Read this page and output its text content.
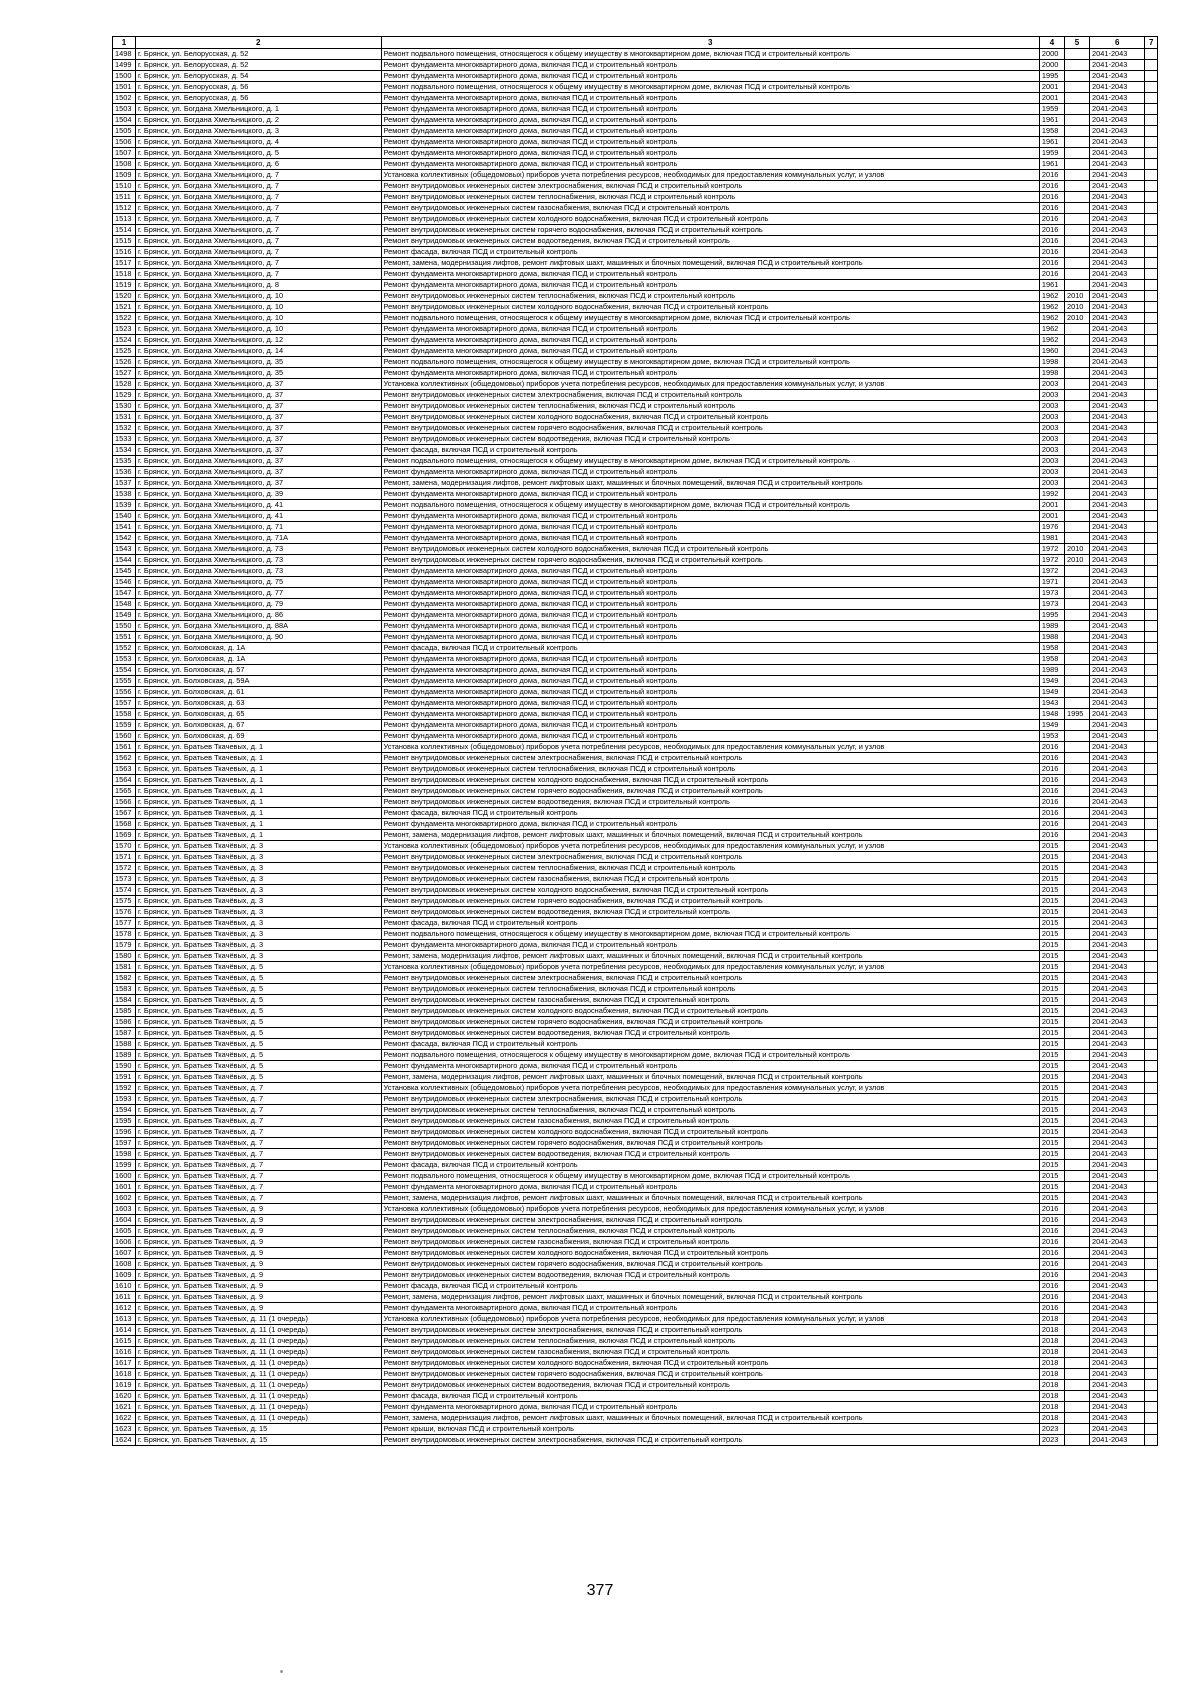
1	2	3	4	5	6	7
1498	г. Брянск, ул. Белорусская, д. 52	Ремонт подвального помещения, относящегося к общему имуществу в многоквартирном доме, включая ПСД и строительный контроль	2000		2041-2043	
1499	г. Брянск, ул. Белорусская, д. 52	Ремонт фундамента многоквартирного дома, включая ПСД и строительный контроль	2000		2041-2043	
1500	г. Брянск, ул. Белорусская, д. 54	Ремонт фундамента многоквартирного дома, включая ПСД и строительный контроль	1995		2041-2043	
1501	г. Брянск, ул. Белорусская, д. 56	Ремонт подвального помещения, относящегося к общему имуществу в многоквартирном доме, включая ПСД и строительный контроль	2001		2041-2043	
1502	г. Брянск, ул. Белорусская, д. 56	Ремонт фундамента многоквартирного дома, включая ПСД и строительный контроль	2001		2041-2043	
1503	г. Брянск, ул. Богдана Хмельницкого, д. 1	Ремонт фундамента многоквартирного дома, включая ПСД и строительный контроль	1959		2041-2043	
1504	г. Брянск, ул. Богдана Хмельницкого, д. 2	Ремонт фундамента многоквартирного дома, включая ПСД и строительный контроль	1961		2041-2043	
1505	г. Брянск, ул. Богдана Хмельницкого, д. 3	Ремонт фундамента многоквартирного дома, включая ПСД и строительный контроль	1958		2041-2043	
1506	г. Брянск, ул. Богдана Хмельницкого, д. 4	Ремонт фундамента многоквартирного дома, включая ПСД и строительный контроль	1961		2041-2043	
1507	г. Брянск, ул. Богдана Хмельницкого, д. 5	Ремонт фундамента многоквартирного дома, включая ПСД и строительный контроль	1959		2041-2043	
1508	г. Брянск, ул. Богдана Хмельницкого, д. 6	Ремонт фундамента многоквартирного дома, включая ПСД и строительный контроль	1961		2041-2043	
1509	г. Брянск, ул. Богдана Хмельницкого, д. 7	Установка коллективных (общедомовых) приборов учета потребления ресурсов, необходимых для предоставления коммунальных услуг, и узлов	2016		2041-2043	
1510	г. Брянск, ул. Богдана Хмельницкого, д. 7	Ремонт внутридомовых инженерных систем электроснабжения, включая ПСД и строительный контроль	2016		2041-2043	
1511	г. Брянск, ул. Богдана Хмельницкого, д. 7	Ремонт внутридомовых инженерных систем теплоснабжения, включая ПСД и строительный контроль	2016		2041-2043	
1512	г. Брянск, ул. Богдана Хмельницкого, д. 7	Ремонт внутридомовых инженерных систем газоснабжения, включая ПСД и строительный контроль	2016		2041-2043	
1513	г. Брянск, ул. Богдана Хмельницкого, д. 7	Ремонт внутридомовых инженерных систем холодного водоснабжения, включая ПСД и строительный контроль	2016		2041-2043	
1514	г. Брянск, ул. Богдана Хмельницкого, д. 7	Ремонт внутридомовых инженерных систем горячего водоснабжения, включая ПСД и строительный контроль	2016		2041-2043	
1515	г. Брянск, ул. Богдана Хмельницкого, д. 7	Ремонт внутридомовых инженерных систем водоотведения, включая ПСД и строительный контроль	2016		2041-2043	
1516	г. Брянск, ул. Богдана Хмельницкого, д. 7	Ремонт фасада, включая ПСД и строительный контроль	2016		2041-2043	
1517	г. Брянск, ул. Богдана Хмельницкого, д. 7	Ремонт, замена, модернизация лифтов, ремонт лифтовых шахт, машинных и блочных помещений, включая ПСД и строительный контроль	2016		2041-2043	
1518	г. Брянск, ул. Богдана Хмельницкого, д. 7	Ремонт фундамента многоквартирного дома, включая ПСД и строительный контроль	2016		2041-2043	
1519	г. Брянск, ул. Богдана Хмельницкого, д. 8	Ремонт фундамента многоквартирного дома, включая ПСД и строительный контроль	1961		2041-2043	
1520	г. Брянск, ул. Богдана Хмельницкого, д. 10	Ремонт внутридомовых инженерных систем теплоснабжения, включая ПСД и строительный контроль	1962	2010	2041-2043	
1521	г. Брянск, ул. Богдана Хмельницкого, д. 10	Ремонт внутридомовых инженерных систем холодного водоснабжения, включая ПСД и строительный контроль	1962	2010	2041-2043	
1522	г. Брянск, ул. Богдана Хмельницкого, д. 10	Ремонт подвального помещения, относящегося к общему имуществу в многоквартирном доме, включая ПСД и строительный контроль	1962	2010	2041-2043	
1523	г. Брянск, ул. Богдана Хмельницкого, д. 10	Ремонт фундамента многоквартирного дома, включая ПСД и строительный контроль	1962		2041-2043	
1524	г. Брянск, ул. Богдана Хмельницкого, д. 12	Ремонт фундамента многоквартирного дома, включая ПСД и строительный контроль	1962		2041-2043	
1525	г. Брянск, ул. Богдана Хмельницкого, д. 14	Ремонт фундамента многоквартирного дома, включая ПСД и строительный контроль	1960		2041-2043	
1526	г. Брянск, ул. Богдана Хмельницкого, д. 35	Ремонт подвального помещения, относящегося к общему имуществу в многоквартирном доме, включая ПСД и строительный контроль	1998		2041-2043	
1527	г. Брянск, ул. Богдана Хмельницкого, д. 35	Ремонт фундамента многоквартирного дома, включая ПСД и строительный контроль	1998		2041-2043	
1528	г. Брянск, ул. Богдана Хмельницкого, д. 37	Установка коллективных (общедомовых) приборов учета потребления ресурсов, необходимых для предоставления коммунальных услуг, и узлов	2003		2041-2043	
1529	г. Брянск, ул. Богдана Хмельницкого, д. 37	Ремонт внутридомовых инженерных систем электроснабжения, включая ПСД и строительный контроль	2003		2041-2043	
1530	г. Брянск, ул. Богдана Хмельницкого, д. 37	Ремонт внутридомовых инженерных систем теплоснабжения, включая ПСД и строительный контроль	2003		2041-2043	
1531	г. Брянск, ул. Богдана Хмельницкого, д. 37	Ремонт внутридомовых инженерных систем холодного водоснабжения, включая ПСД и строительный контроль	2003		2041-2043	
1532	г. Брянск, ул. Богдана Хмельницкого, д. 37	Ремонт внутридомовых инженерных систем горячего водоснабжения, включая ПСД и строительный контроль	2003		2041-2043	
1533	г. Брянск, ул. Богдана Хмельницкого, д. 37	Ремонт внутридомовых инженерных систем водоотведения, включая ПСД и строительный контроль	2003		2041-2043	
1534	г. Брянск, ул. Богдана Хмельницкого, д. 37	Ремонт фасада, включая ПСД и строительный контроль	2003		2041-2043	
1535	г. Брянск, ул. Богдана Хмельницкого, д. 37	Ремонт подвального помещения, относящегося к общему имуществу в многоквартирном доме, включая ПСД и строительный контроль	2003		2041-2043	
1536	г. Брянск, ул. Богдана Хмельницкого, д. 37	Ремонт фундамента многоквартирного дома, включая ПСД и строительный контроль	2003		2041-2043	
1537	г. Брянск, ул. Богдана Хмельницкого, д. 37	Ремонт, замена, модернизация лифтов, ремонт лифтовых шахт, машинных и блочных помещений, включая ПСД и строительный контроль	2003		2041-2043	
1538	г. Брянск, ул. Богдана Хмельницкого, д. 39	Ремонт фундамента многоквартирного дома, включая ПСД и строительный контроль	1992		2041-2043	
1539	г. Брянск, ул. Богдана Хмельницкого, д. 41	Ремонт подвального помещения, относящегося к общему имуществу в многоквартирном доме, включая ПСД и строительный контроль	2001		2041-2043	
1540	г. Брянск, ул. Богдана Хмельницкого, д. 41	Ремонт фундамента многоквартирного дома, включая ПСД и строительный контроль	2001		2041-2043	
1541	г. Брянск, ул. Богдана Хмельницкого, д. 71	Ремонт фундамента многоквартирного дома, включая ПСД и строительный контроль	1976		2041-2043	
1542	г. Брянск, ул. Богдана Хмельницкого, д. 71А	Ремонт фундамента многоквартирного дома, включая ПСД и строительный контроль	1981		2041-2043	
1543	г. Брянск, ул. Богдана Хмельницкого, д. 73	Ремонт внутридомовых инженерных систем холодного водоснабжения, включая ПСД и строительный контроль	1972	2010	2041-2043	
1544	г. Брянск, ул. Богдана Хмельницкого, д. 73	Ремонт внутридомовых инженерных систем горячего водоснабжения, включая ПСД и строительный контроль	1972	2010	2041-2043	
1545	г. Брянск, ул. Богдана Хмельницкого, д. 73	Ремонт фундамента многоквартирного дома, включая ПСД и строительный контроль	1972		2041-2043	
1546	г. Брянск, ул. Богдана Хмельницкого, д. 75	Ремонт фундамента многоквартирного дома, включая ПСД и строительный контроль	1971		2041-2043	
1547	г. Брянск, ул. Богдана Хмельницкого, д. 77	Ремонт фундамента многоквартирного дома, включая ПСД и строительный контроль	1973		2041-2043	
1548	г. Брянск, ул. Богдана Хмельницкого, д. 79	Ремонт фундамента многоквартирного дома, включая ПСД и строительный контроль	1973		2041-2043	
1549	г. Брянск, ул. Богдана Хмельницкого, д. 86	Ремонт фундамента многоквартирного дома, включая ПСД и строительный контроль	1995		2041-2043	
1550	г. Брянск, ул. Богдана Хмельницкого, д. 88А	Ремонт фундамента многоквартирного дома, включая ПСД и строительный контроль	1989		2041-2043	
1551	г. Брянск, ул. Богдана Хмельницкого, д. 90	Ремонт фундамента многоквартирного дома, включая ПСД и строительный контроль	1988		2041-2043	
1552	г. Брянск, ул. Болховская, д. 1А	Ремонт фасада, включая ПСД и строительный контроль	1958		2041-2043	
1553	г. Брянск, ул. Болховская, д. 1А	Ремонт фундамента многоквартирного дома, включая ПСД и строительный контроль	1958		2041-2043	
1554	г. Брянск, ул. Болховская, д. 57	Ремонт фундамента многоквартирного дома, включая ПСД и строительный контроль	1989		2041-2043	
1555	г. Брянск, ул. Болховская, д. 59А	Ремонт фундамента многоквартирного дома, включая ПСД и строительный контроль	1949		2041-2043	
1556	г. Брянск, ул. Болховская, д. 61	Ремонт фундамента многоквартирного дома, включая ПСД и строительный контроль	1949		2041-2043	
1557	г. Брянск, ул. Болховская, д. 63	Ремонт фундамента многоквартирного дома, включая ПСД и строительный контроль	1943		2041-2043	
1558	г. Брянск, ул. Болховская, д. 65	Ремонт фундамента многоквартирного дома, включая ПСД и строительный контроль	1948	1995	2041-2043	
1559	г. Брянск, ул. Болховская, д. 67	Ремонт фундамента многоквартирного дома, включая ПСД и строительный контроль	1949		2041-2043	
1560	г. Брянск, ул. Болховская, д. 69	Ремонт фундамента многоквартирного дома, включая ПСД и строительный контроль	1953		2041-2043	
1561	г. Брянск, ул. Братьев Ткачевых, д. 1	Установка коллективных (общедомовых) приборов учета потребления ресурсов, необходимых для предоставления коммунальных услуг, и узлов	2016		2041-2043	
1562	г. Брянск, ул. Братьев Ткачевых, д. 1	Ремонт внутридомовых инженерных систем электроснабжения, включая ПСД и строительный контроль	2016		2041-2043	
1563	г. Брянск, ул. Братьев Ткачевых, д. 1	Ремонт внутридомовых инженерных систем теплоснабжения, включая ПСД и строительный контроль	2016		2041-2043	
1564	г. Брянск, ул. Братьев Ткачевых, д. 1	Ремонт внутридомовых инженерных систем холодного водоснабжения, включая ПСД и строительный контроль	2016		2041-2043	
1565	г. Брянск, ул. Братьев Ткачевых, д. 1	Ремонт внутридомовых инженерных систем горячего водоснабжения, включая ПСД и строительный контроль	2016		2041-2043	
1566	г. Брянск, ул. Братьев Ткачевых, д. 1	Ремонт внутридомовых инженерных систем водоотведения, включая ПСД и строительный контроль	2016		2041-2043	
1567	г. Брянск, ул. Братьев Ткачевых, д. 1	Ремонт фасада, включая ПСД и строительный контроль	2016		2041-2043	
1568	г. Брянск, ул. Братьев Ткачевых, д. 1	Ремонт фундамента многоквартирного дома, включая ПСД и строительный контроль	2016		2041-2043	
1569	г. Брянск, ул. Братьев Ткачевых, д. 1	Ремонт, замена, модернизация лифтов, ремонт лифтовых шахт, машинных и блочных помещений, включая ПСД и строительный контроль	2016		2041-2043	
1570	г. Брянск, ул. Братьев Ткачёвых, д. 3	Установка коллективных (общедомовых) приборов учета потребления ресурсов, необходимых для предоставления коммунальных услуг, и узлов	2015		2041-2043	
1571	г. Брянск, ул. Братьев Ткачёвых, д. 3	Ремонт внутридомовых инженерных систем электроснабжения, включая ПСД и строительный контроль	2015		2041-2043	
1572	г. Брянск, ул. Братьев Ткачёвых, д. 3	Ремонт внутридомовых инженерных систем теплоснабжения, включая ПСД и строительный контроль	2015		2041-2043	
1573	г. Брянск, ул. Братьев Ткачёвых, д. 3	Ремонт внутридомовых инженерных систем газоснабжения, включая ПСД и строительный контроль	2015		2041-2043	
1574	г. Брянск, ул. Братьев Ткачёвых, д. 3	Ремонт внутридомовых инженерных систем холодного водоснабжения, включая ПСД и строительный контроль	2015		2041-2043	
1575	г. Брянск, ул. Братьев Ткачёвых, д. 3	Ремонт внутридомовых инженерных систем горячего водоснабжения, включая ПСД и строительный контроль	2015		2041-2043	
1576	г. Брянск, ул. Братьев Ткачёвых, д. 3	Ремонт внутридомовых инженерных систем водоотведения, включая ПСД и строительный контроль	2015		2041-2043	
1577	г. Брянск, ул. Братьев Ткачёвых, д. 3	Ремонт фасада, включая ПСД и строительный контроль	2015		2041-2043	
1578	г. Брянск, ул. Братьев Ткачёвых, д. 3	Ремонт подвального помещения, относящегося к общему имуществу в многоквартирном доме, включая ПСД и строительный контроль	2015		2041-2043	
1579	г. Брянск, ул. Братьев Ткачёвых, д. 3	Ремонт фундамента многоквартирного дома, включая ПСД и строительный контроль	2015		2041-2043	
1580	г. Брянск, ул. Братьев Ткачёвых, д. 3	Ремонт, замена, модернизация лифтов, ремонт лифтовых шахт, машинных и блочных помещений, включая ПСД и строительный контроль	2015		2041-2043	
1581	г. Брянск, ул. Братьев Ткачёвых, д. 5	Установка коллективных (общедомовых) приборов учета потребления ресурсов, необходимых для предоставления коммунальных услуг, и узлов	2015		2041-2043	
1582	г. Брянск, ул. Братьев Ткачёвых, д. 5	Ремонт внутридомовых инженерных систем электроснабжения, включая ПСД и строительный контроль	2015		2041-2043	
1583	г. Брянск, ул. Братьев Ткачёвых, д. 5	Ремонт внутридомовых инженерных систем теплоснабжения, включая ПСД и строительный контроль	2015		2041-2043	
1584	г. Брянск, ул. Братьев Ткачёвых, д. 5	Ремонт внутридомовых инженерных систем газоснабжения, включая ПСД и строительный контроль	2015		2041-2043	
1585	г. Брянск, ул. Братьев Ткачёвых, д. 5	Ремонт внутридомовых инженерных систем холодного водоснабжения, включая ПСД и строительный контроль	2015		2041-2043	
1586	г. Брянск, ул. Братьев Ткачёвых, д. 5	Ремонт внутридомовых инженерных систем горячего водоснабжения, включая ПСД и строительный контроль	2015		2041-2043	
1587	г. Брянск, ул. Братьев Ткачёвых, д. 5	Ремонт внутридомовых инженерных систем водоотведения, включая ПСД и строительный контроль	2015		2041-2043	
1588	г. Брянск, ул. Братьев Ткачёвых, д. 5	Ремонт фасада, включая ПСД и строительный контроль	2015		2041-2043	
1589	г. Брянск, ул. Братьев Ткачёвых, д. 5	Ремонт подвального помещения, относящегося к общему имуществу в многоквартирном доме, включая ПСД и строительный контроль	2015		2041-2043	
1590	г. Брянск, ул. Братьев Ткачёвых, д. 5	Ремонт фундамента многоквартирного дома, включая ПСД и строительный контроль	2015		2041-2043	
1591	г. Брянск, ул. Братьев Ткачёвых, д. 5	Ремонт, замена, модернизация лифтов, ремонт лифтовых шахт, машинных и блочных помещений, включая ПСД и строительный контроль	2015		2041-2043	
1592	г. Брянск, ул. Братьев Ткачёвых, д. 7	Установка коллективных (общедомовых) приборов учета потребления ресурсов, необходимых для предоставления коммунальных услуг, и узлов	2015		2041-2043	
1593	г. Брянск, ул. Братьев Ткачёвых, д. 7	Ремонт внутридомовых инженерных систем электроснабжения, включая ПСД и строительный контроль	2015		2041-2043	
1594	г. Брянск, ул. Братьев Ткачёвых, д. 7	Ремонт внутридомовых инженерных систем теплоснабжения, включая ПСД и строительный контроль	2015		2041-2043	
1595	г. Брянск, ул. Братьев Ткачёвых, д. 7	Ремонт внутридомовых инженерных систем газоснабжения, включая ПСД и строительный контроль	2015		2041-2043	
1596	г. Брянск, ул. Братьев Ткачёвых, д. 7	Ремонт внутридомовых инженерных систем холодного водоснабжения, включая ПСД и строительный контроль	2015		2041-2043	
1597	г. Брянск, ул. Братьев Ткачёвых, д. 7	Ремонт внутридомовых инженерных систем горячего водоснабжения, включая ПСД и строительный контроль	2015		2041-2043	
1598	г. Брянск, ул. Братьев Ткачёвых, д. 7	Ремонт внутридомовых инженерных систем водоотведения, включая ПСД и строительный контроль	2015		2041-2043	
1599	г. Брянск, ул. Братьев Ткачёвых, д. 7	Ремонт фасада, включая ПСД и строительный контроль	2015		2041-2043	
1600	г. Брянск, ул. Братьев Ткачёвых, д. 7	Ремонт подвального помещения, относящегося к общему имуществу в многоквартирном доме, включая ПСД и строительный контроль	2015		2041-2043	
1601	г. Брянск, ул. Братьев Ткачёвых, д. 7	Ремонт фундамента многоквартирного дома, включая ПСД и строительный контроль	2015		2041-2043	
1602	г. Брянск, ул. Братьев Ткачёвых, д. 7	Ремонт, замена, модернизация лифтов, ремонт лифтовых шахт, машинных и блочных помещений, включая ПСД и строительный контроль	2015		2041-2043	
1603	г. Брянск, ул. Братьев Ткачевых, д. 9	Установка коллективных (общедомовых) приборов учета потребления ресурсов, необходимых для предоставления коммунальных услуг, и узлов	2016		2041-2043	
1604	г. Брянск, ул. Братьев Ткачевых, д. 9	Ремонт внутридомовых инженерных систем электроснабжения, включая ПСД и строительный контроль	2016		2041-2043	
1605	г. Брянск, ул. Братьев Ткачевых, д. 9	Ремонт внутридомовых инженерных систем теплоснабжения, включая ПСД и строительный контроль	2016		2041-2043	
1606	г. Брянск, ул. Братьев Ткачевых, д. 9	Ремонт внутридомовых инженерных систем газоснабжения, включая ПСД и строительный контроль	2016		2041-2043	
1607	г. Брянск, ул. Братьев Ткачевых, д. 9	Ремонт внутридомовых инженерных систем холодного водоснабжения, включая ПСД и строительный контроль	2016		2041-2043	
1608	г. Брянск, ул. Братьев Ткачевых, д. 9	Ремонт внутридомовых инженерных систем горячего водоснабжения, включая ПСД и строительный контроль	2016		2041-2043	
1609	г. Брянск, ул. Братьев Ткачевых, д. 9	Ремонт внутридомовых инженерных систем водоотведения, включая ПСД и строительный контроль	2016		2041-2043	
1610	г. Брянск, ул. Братьев Ткачевых, д. 9	Ремонт фасада, включая ПСД и строительный контроль	2016		2041-2043	
1611	г. Брянск, ул. Братьев Ткачевых, д. 9	Ремонт, замена, модернизация лифтов, ремонт лифтовых шахт, машинных и блочных помещений, включая ПСД и строительный контроль	2016		2041-2043	
1612	г. Брянск, ул. Братьев Ткачевых, д. 9	Ремонт фундамента многоквартирного дома, включая ПСД и строительный контроль	2016		2041-2043	
1613	г. Брянск, ул. Братьев Ткачевых, д. 11 (1 очередь)	Установка коллективных (общедомовых) приборов учета потребления ресурсов, необходимых для предоставления коммунальных услуг, и узлов	2018		2041-2043	
1614	г. Брянск, ул. Братьев Ткачевых, д. 11 (1 очередь)	Ремонт внутридомовых инженерных систем электроснабжения, включая ПСД и строительный контроль	2018		2041-2043	
1615	г. Брянск, ул. Братьев Ткачевых, д. 11 (1 очередь)	Ремонт внутридомовых инженерных систем теплоснабжения, включая ПСД и строительный контроль	2018		2041-2043	
1616	г. Брянск, ул. Братьев Ткачевых, д. 11 (1 очередь)	Ремонт внутридомовых инженерных систем газоснабжения, включая ПСД и строительный контроль	2018		2041-2043	
1617	г. Брянск, ул. Братьев Ткачевых, д. 11 (1 очередь)	Ремонт внутридомовых инженерных систем холодного водоснабжения, включая ПСД и строительный контроль	2018		2041-2043	
1618	г. Брянск, ул. Братьев Ткачевых, д. 11 (1 очередь)	Ремонт внутридомовых инженерных систем горячего водоснабжения, включая ПСД и строительный контроль	2018		2041-2043	
1619	г. Брянск, ул. Братьев Ткачевых, д. 11 (1 очередь)	Ремонт внутридомовых инженерных систем водоотведения, включая ПСД и строительный контроль	2018		2041-2043	
1620	г. Брянск, ул. Братьев Ткачевых, д. 11 (1 очередь)	Ремонт фасада, включая ПСД и строительный контроль	2018		2041-2043	
1621	г. Брянск, ул. Братьев Ткачевых, д. 11 (1 очередь)	Ремонт фундамента многоквартирного дома, включая ПСД и строительный контроль	2018		2041-2043	
1622	г. Брянск, ул. Братьев Ткачевых, д. 11 (1 очередь)	Ремонт, замена, модернизация лифтов, ремонт лифтовых шахт, машинных и блочных помещений, включая ПСД и строительный контроль	2018		2041-2043	
1623	г. Брянск, ул. Братьев Ткачевых, д. 15	Ремонт крыши, включая ПСД и строительный контроль	2023		2041-2043	
1624	г. Брянск, ул. Братьев Ткачевых, д. 15	Ремонт внутридомовых инженерных систем электроснабжения, включая ПСД и строительный контроль	2023		2041-2043	
377
